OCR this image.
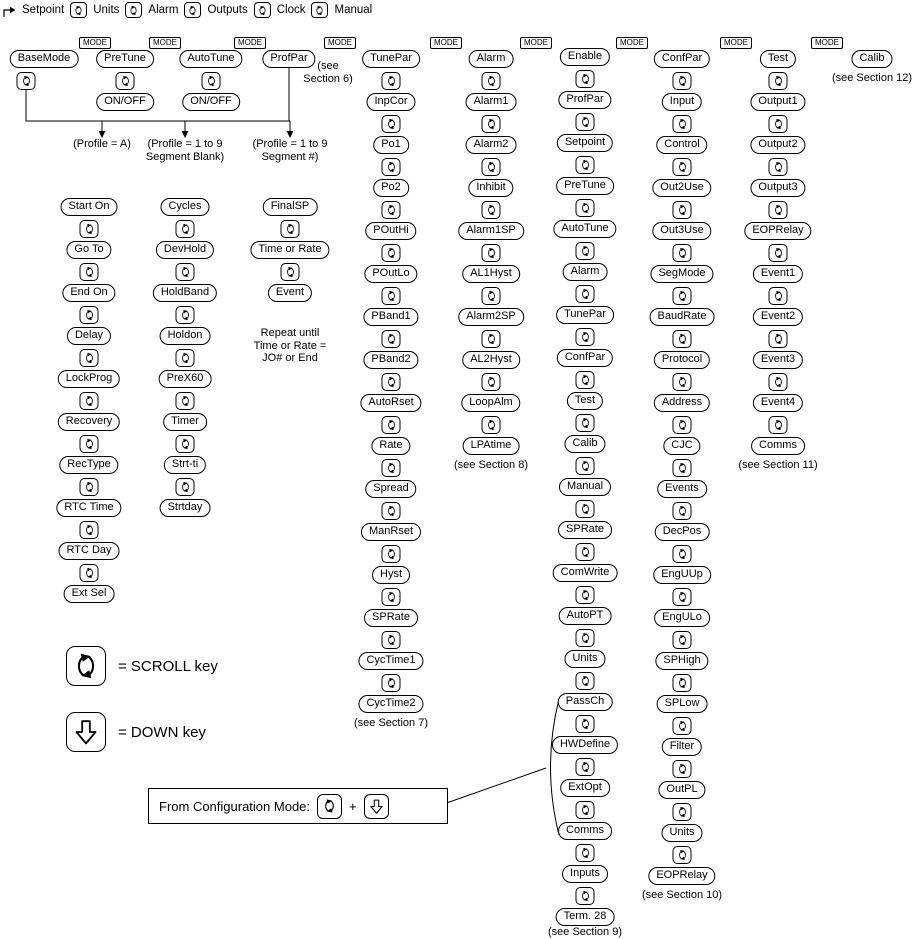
Setpoint	Units	Alarm	Outputs	Clock	Manual
= SCROLL key
= DOWN key
From Configuration Mode:	+
MODE	MODE	MODE	MODE	MODE	MODE	MODE	MODE	MODE
(Profile = A) (Profile = 1 to 9
Segment Blank)
(Profile = 1 to 9
Segment #)
(see
Section 6)
BaseMode	PreTune
ON/OFF
AutoTune
ON/OFF
ProfPar
Start On
Go To
End On
Delay
LockProg
Recovery
RecType
RTC Time
RTC Day
Ext Sel
Cycles
DevHold
HoldBand
Holdon
PreX60
Timer
Strt-ti
Strtday
FinalSP
Time or Rate
Event
Repeat until
Time or Rate =
JO# or End
TunePar
InpCor
Po1
Po2
POutHi
POutLo
PBand1
PBand2
AutoRset
Rate
Spread
ManRset
Hyst
SPRate
CycTime1
CycTime2
(see Section 7)
Alarm
Alarm1
Alarm2
Inhibit
Alarm1SP
AL1Hyst
Alarm2SP
AL2Hyst
LoopAlm
LPAtime
(see Section 8)
Enable
ProfPar
Setpoint
PreTune
AutoTune
Alarm
TunePar
ConfPar
Test
Calib
Manual
SPRate
ComWrite
AutoPT
Units
PassCh
HWDefine
ExtOpt
Comms
Inputs
Term. 28
(see Section 9)
ConfPar
Input
Control
Out2Use
Out3Use
SegMode
BaudRate
Protocol
Address
CJC
Events
DecPos
EngUUp
EngULo
SPHigh
SPLow
Filter
OutPL
Units
EOPRelay
(see Section 10)
Test
Output1
Output2
Output3
EOPRelay
Event1
Event2
Event3
Event4
Comms
(see Section 11)
Calib
(see Section 12)
